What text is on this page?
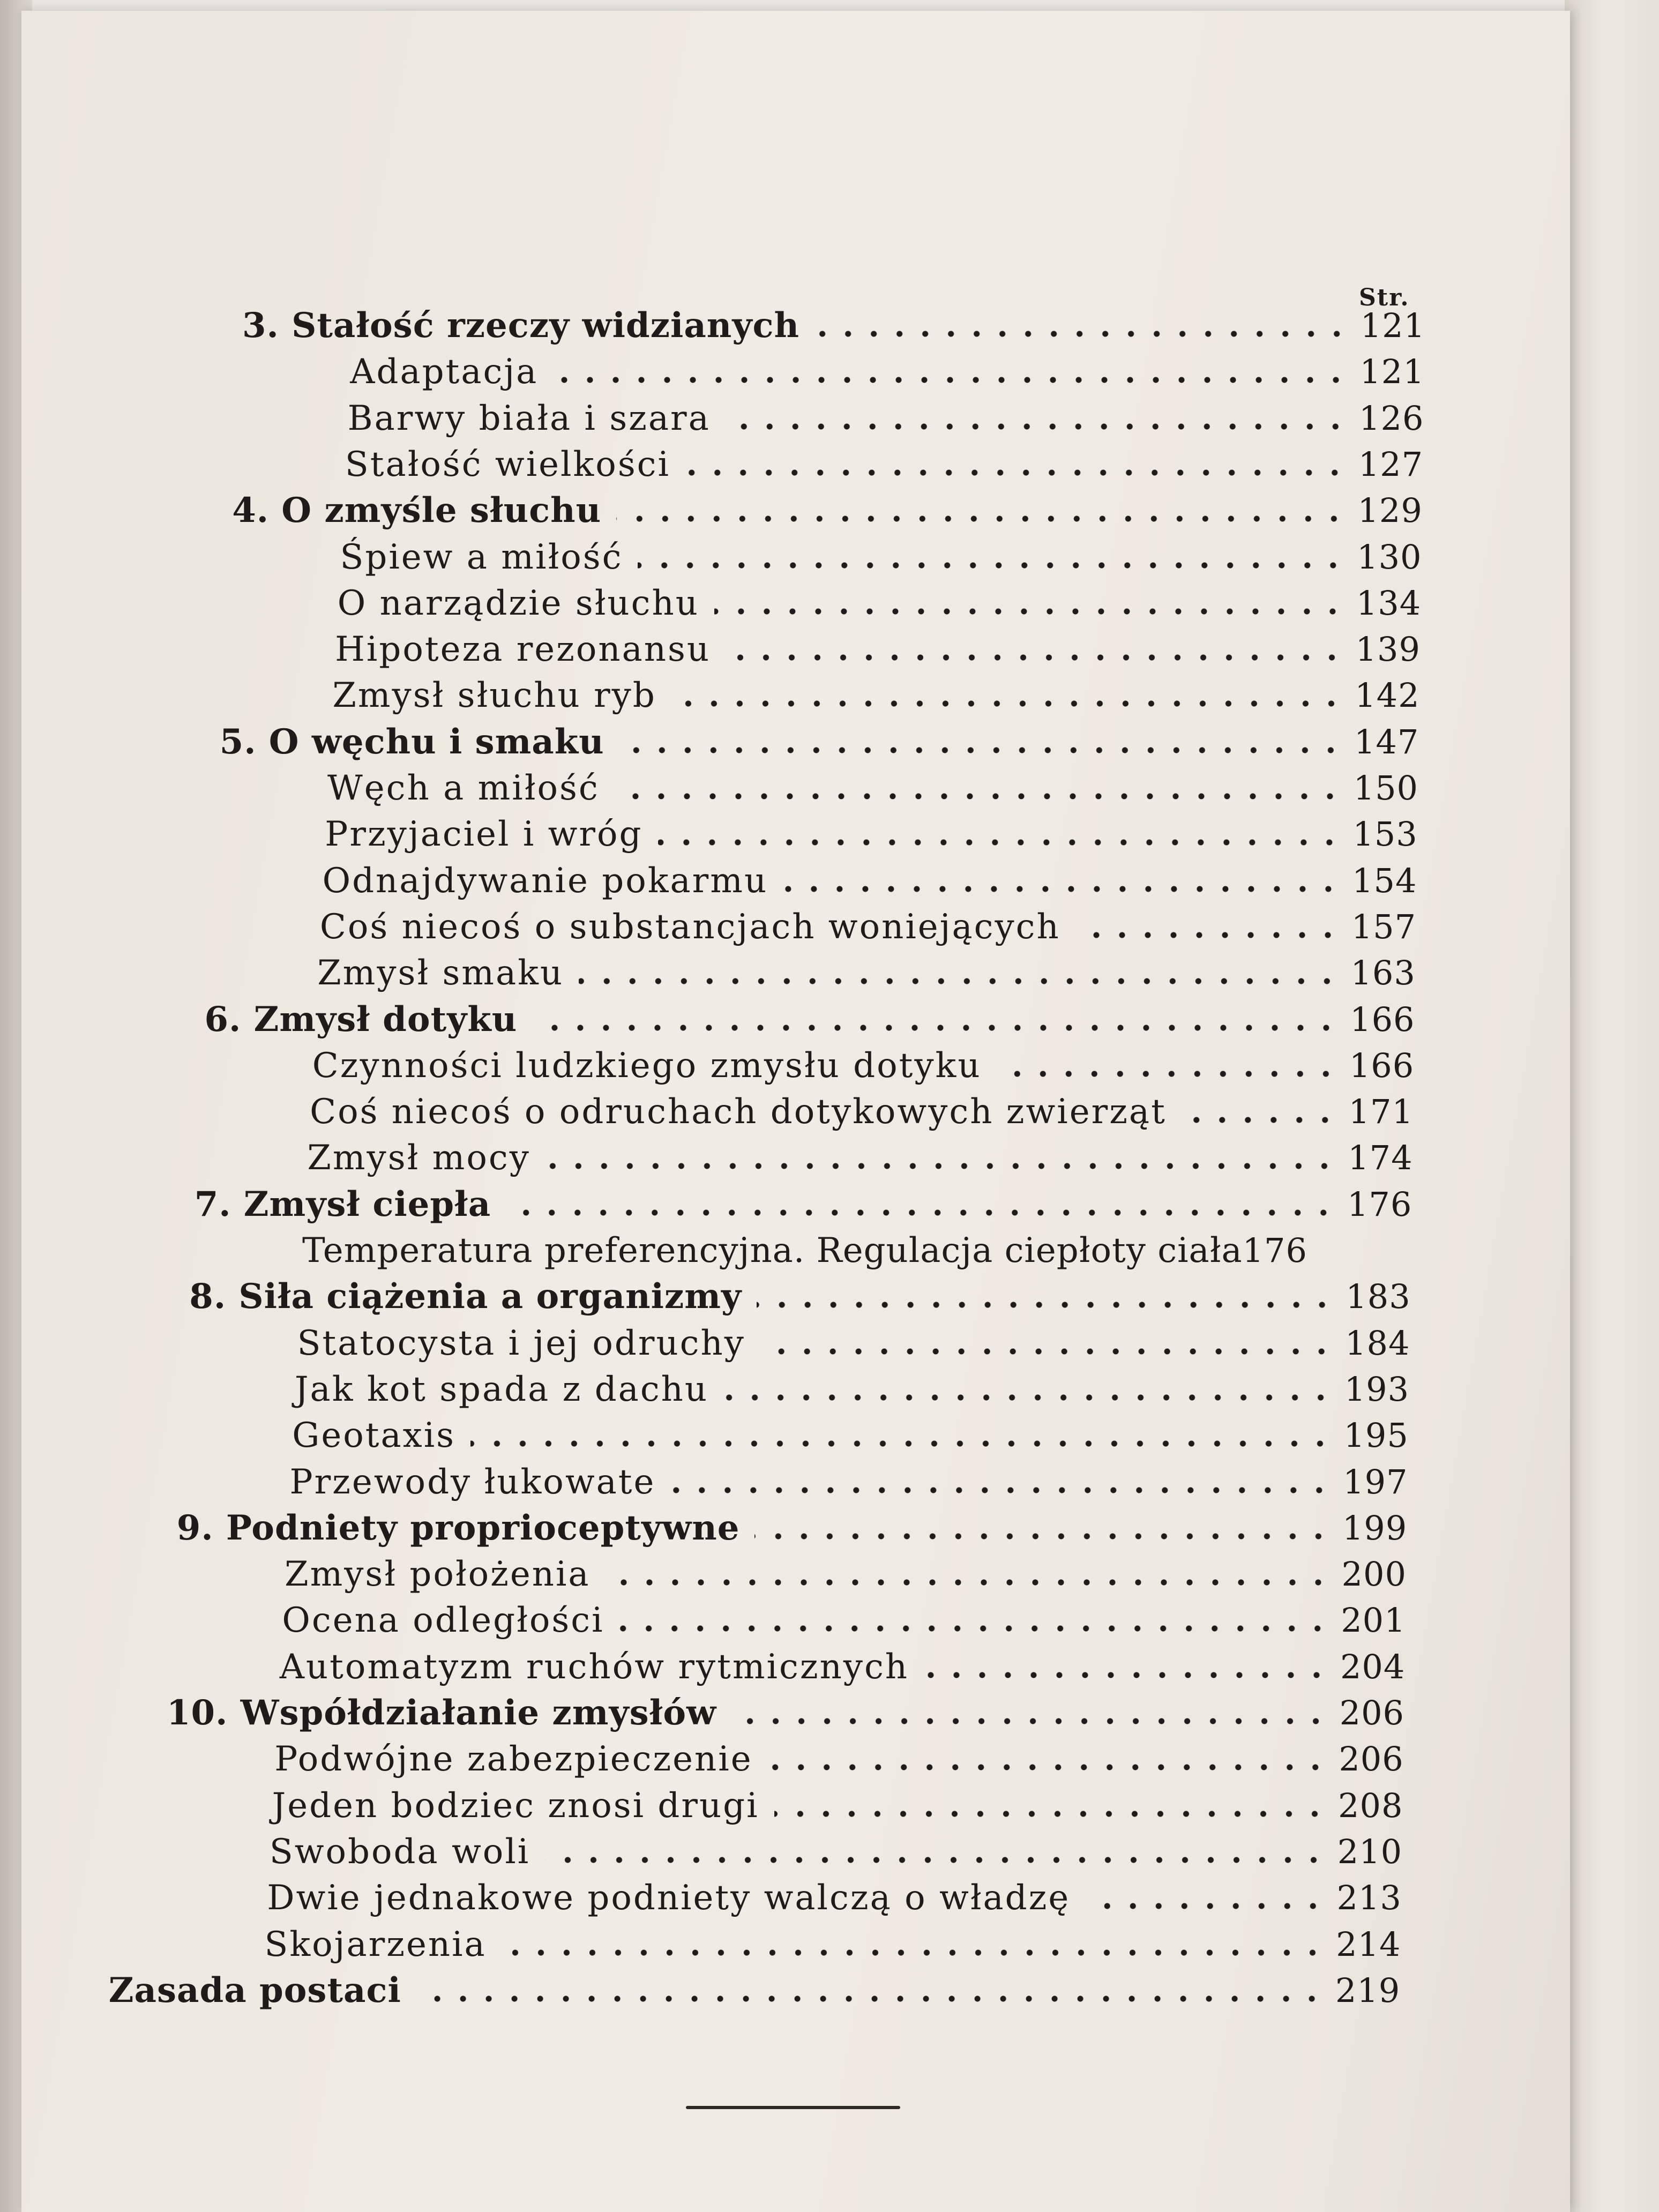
Str.
3. Stałość rzeczy widzianych	121
Adaptacja	121
Barwy biała i szara	126
Stałość wielkości	127
4. O zmyśle słuchu	129
Śpiew a miłość	130
O narządzie słuchu	134
Hipoteza rezonansu	139
Zmysł słuchu ryb	142
5. O węchu i smaku	147
Węch a miłość	150
Przyjaciel i wróg	153
Odnajdywanie pokarmu	154
Coś niecoś o substancjach woniejących	157
Zmysł smaku	163
6. Zmysł dotyku	166
Czynności ludzkiego zmysłu dotyku	166
Coś niecoś o odruchach dotykowych zwierząt	171
Zmysł mocy	174
7. Zmysł ciepła	176
Temperatura preferencyjna. Regulacja ciepłoty ciała 176
8. Siła ciążenia a organizmy	183
Statocysta i jej odruchy	184
Jak kot spada z dachu	193
Geotaxis	195
Przewody łukowate	197
9. Podniety proprioceptywne	199
Zmysł położenia	200
Ocena odległości	201
Automatyzm ruchów rytmicznych	204
10. Współdziałanie zmysłów	206
Podwójne zabezpieczenie	206
Jeden bodziec znosi drugi	208
Swoboda woli	210
Dwie jednakowe podniety walczą o władzę	213
Skojarzenia	214
Zasada postaci	219
